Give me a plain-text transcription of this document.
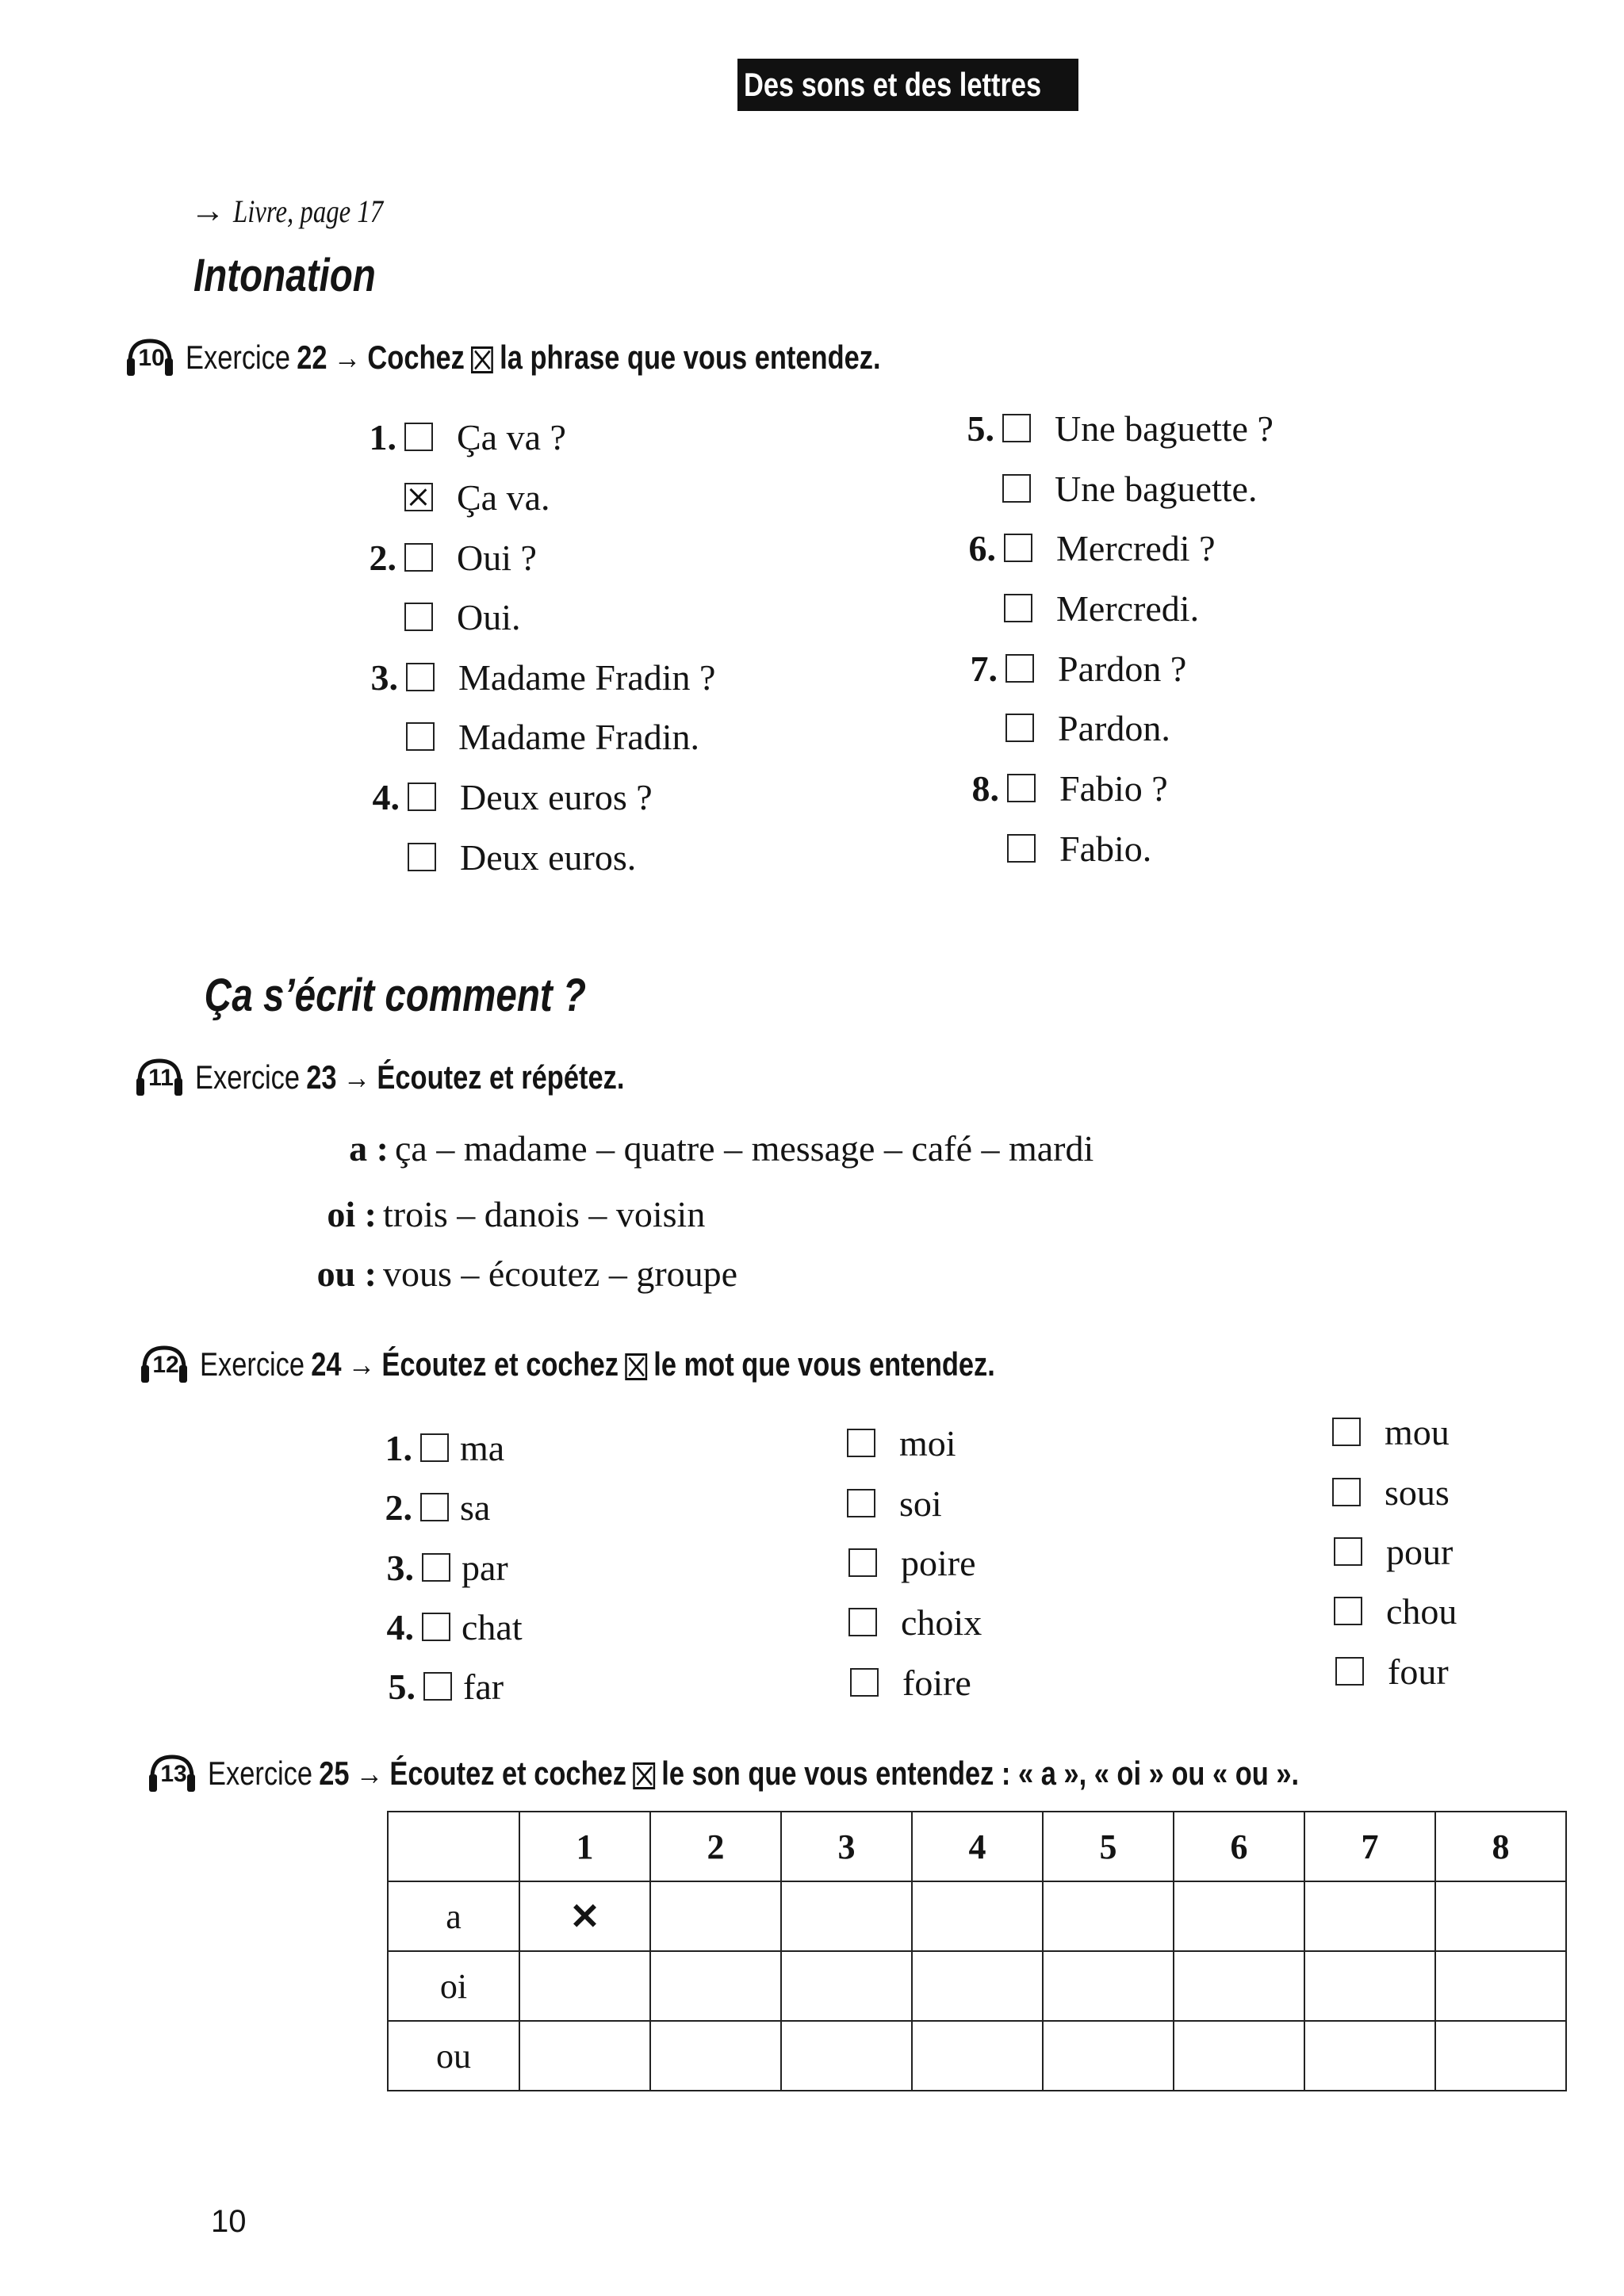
Des sons et des lettres
→ Livre, page 17
Intonation
10 Exercice 22 → Cochez la phrase que vous entendez.
1. Ça va ?
Ça va.
2. Oui ?
Oui.
3. Madame Fradin ?
Madame Fradin.
4. Deux euros ?
Deux euros.
5. Une baguette ?
Une baguette.
6. Mercredi ?
Mercredi.
7. Pardon ?
Pardon.
8. Fabio ?
Fabio.
Ça s’écrit comment ?
11 Exercice 23 → Écoutez et répétez.
a : ça – madame – quatre – message – café – mardi
oi : trois – danois – voisin
ou : vous – écoutez – groupe
12 Exercice 24 → Écoutez et cochez le mot que vous entendez.
1. ma
2. sa
3. par
4. chat
5. far
moi
soi
poire
choix
foire
mou
sous
pour
chou
four
13 Exercice 25 → Écoutez et cochez le son que vous entendez : « a », « oi » ou « ou ».
	1	2	3	4	5	6	7	8
a	✕							
oi								
ou								
10
